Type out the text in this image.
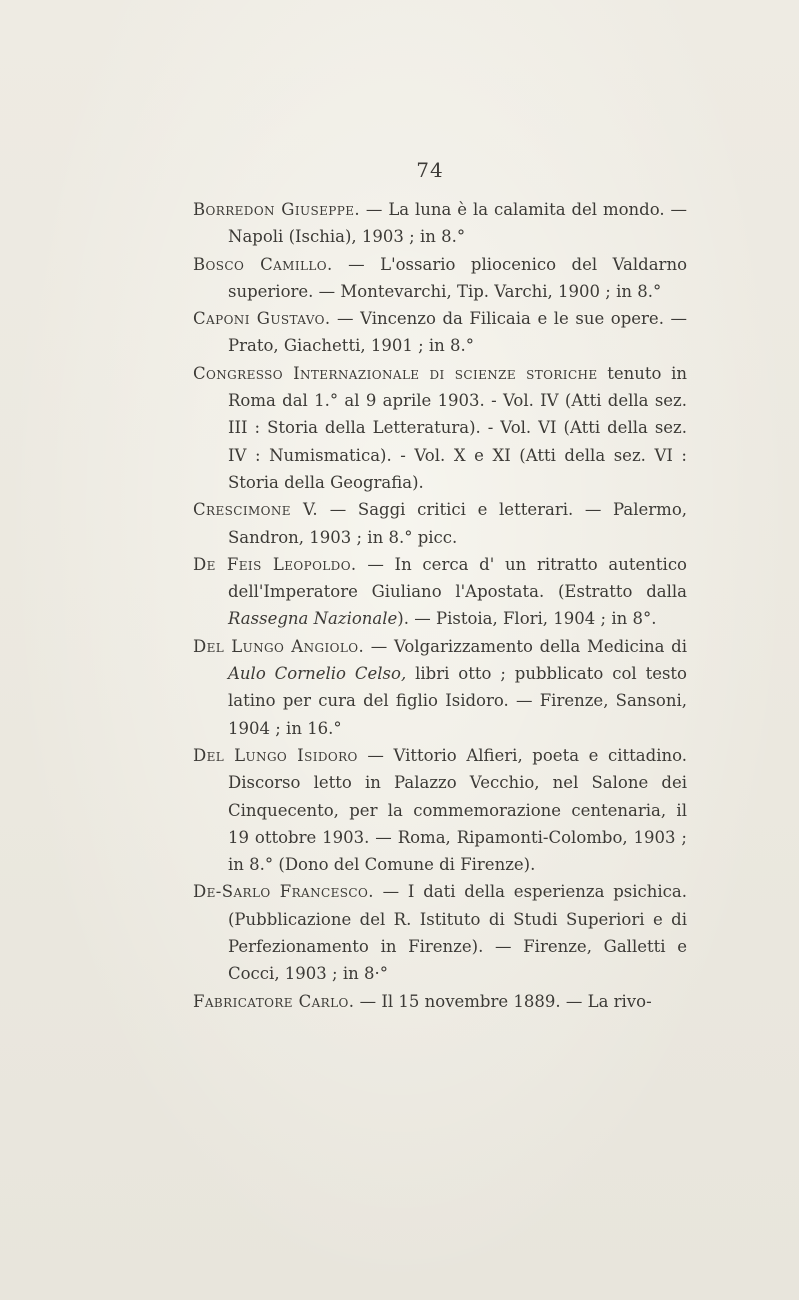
74

Borredon Giuseppe. — La luna è la calamita del mondo. — Napoli (Ischia), 1903 ; in 8.°

Bosco Camillo. — L'ossario pliocenico del Valdarno superiore. — Montevarchi, Tip. Varchi, 1900 ; in 8.°

Caponi Gustavo. — Vincenzo da Filicaia e le sue opere. — Prato, Giachetti, 1901 ; in 8.°

Congresso Internazionale di scienze storiche tenuto in Roma dal 1.° al 9 aprile 1903. - Vol. IV (Atti della sez. III : Storia della Letteratura). - Vol. VI (Atti della sez. IV : Numismatica). - Vol. X e XI (Atti della sez. VI : Storia della Geografia).

Crescimone V. — Saggi critici e letterari. — Palermo, Sandron, 1903 ; in 8.° picc.

De Feis Leopoldo. — In cerca d' un ritratto autentico dell'Imperatore Giuliano l'Apostata. (Estratto dalla Rassegna Nazionale). — Pistoia, Flori, 1904 ; in 8°.

Del Lungo Angiolo. — Volgarizzamento della Medicina di Aulo Cornelio Celso, libri otto ; pubblicato col testo latino per cura del figlio Isidoro. — Firenze, Sansoni, 1904 ; in 16.°

Del Lungo Isidoro — Vittorio Alfieri, poeta e cittadino. Discorso letto in Palazzo Vecchio, nel Salone dei Cinquecento, per la commemorazione centenaria, il 19 ottobre 1903. — Roma, Ripamonti-Colombo, 1903 ; in 8.° (Dono del Comune di Firenze).

De-Sarlo Francesco. — I dati della esperienza psichica. (Pubblicazione del R. Istituto di Studi Superiori e di Perfezionamento in Firenze). — Firenze, Galletti e Cocci, 1903 ; in 8·°

Fabricatore Carlo. — Il 15 novembre 1889. — La rivo-
